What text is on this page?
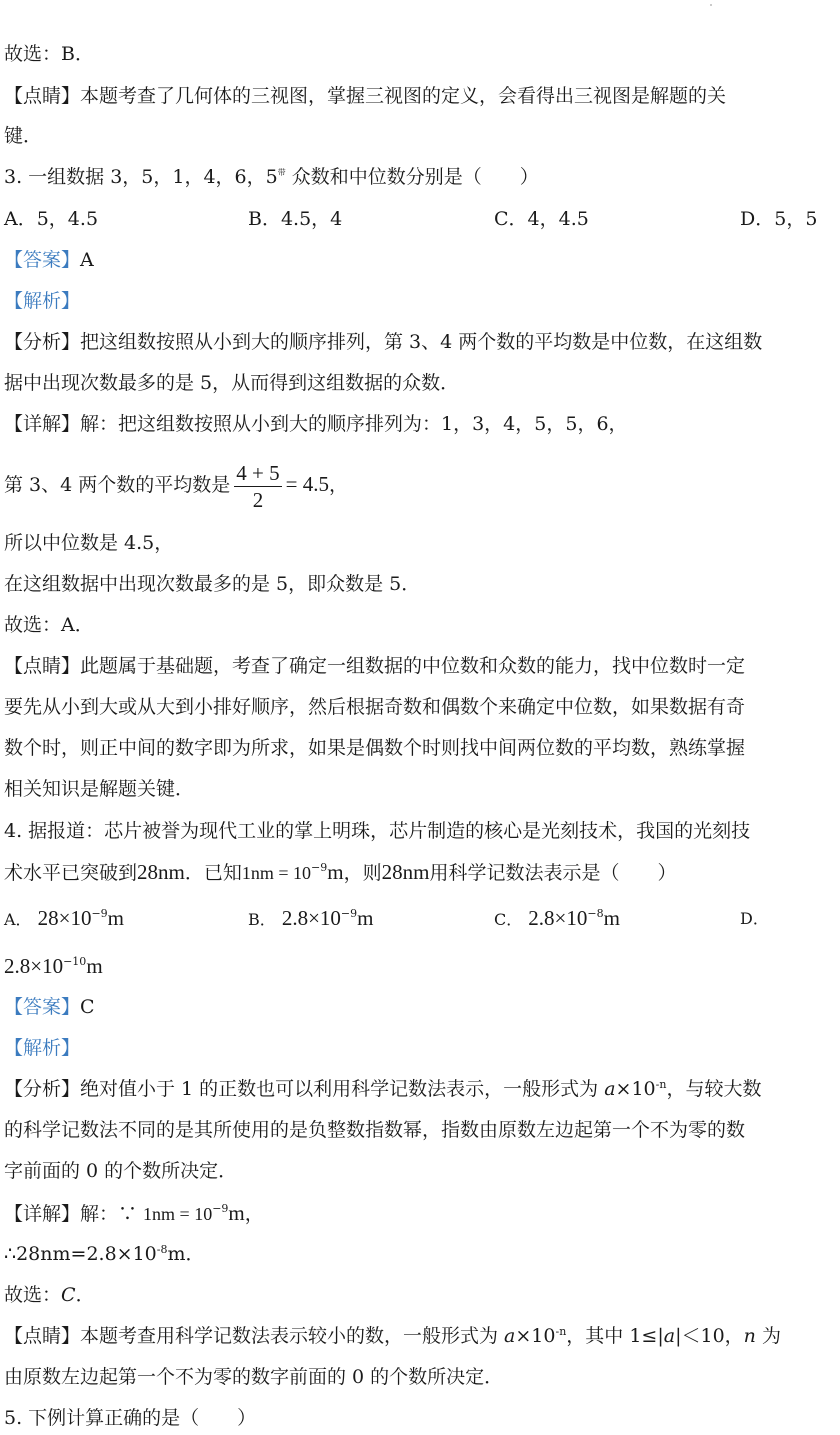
故选：B．
【点睛】本题考查了几何体的三视图，掌握三视图的定义，会看得出三视图是解题的关
键．
3. 一组数据 3，5，1，4，6，$5^带$ 众数和中位数分别是（　　）
A．5，4.5	B．4.5，4	C．4，4.5	D．5，5
【答案】A
【解析】
【分析】把这组数按照从小到大的顺序排列，第 3、4 两个数的平均数是中位数，在这组数
据中出现次数最多的是 5，从而得到这组数据的众数．
【详解】解：把这组数按照从小到大的顺序排列为：1，3，4，5，5，6，
第 3、4 两个数的平均数是 $\frac{4 + 5}{2} = 4.5$，
所以中位数是 4.5，
在这组数据中出现次数最多的是 5，即众数是 5．
故选：A．
【点睛】此题属于基础题，考查了确定一组数据的中位数和众数的能力，找中位数时一定
要先从小到大或从大到小排好顺序，然后根据奇数和偶数个来确定中位数，如果数据有奇
数个时，则正中间的数字即为所求，如果是偶数个时则找中间两位数的平均数，熟练掌握
相关知识是解题关键．
4. 据报道：芯片被誉为现代工业的掌上明珠，芯片制造的核心是光刻技术，我国的光刻技
术水平已突破到28nm．已知$1nm = 10^{-9}m$，则28nm用科学记数法表示是（　　）
A． $28\times 10^{-9}m$	B． $2.8\times 10^{-9}m$	C． $2.8\times 10^{-8}m$	D．
$2.8\times 10^{-10}m$
【答案】C
【解析】
【分析】绝对值小于 1 的正数也可以利用科学记数法表示，一般形式为 $a\times 10^{-n}$，与较大数
的科学记数法不同的是其所使用的是负整数指数幂，指数由原数左边起第一个不为零的数
字前面的 0 的个数所决定．
【详解】解：∵ $1nm = 10^{-9}m$，
$\therefore 28nm=2.8\times 10^{-8}m$．
故选：C．
【点睛】本题考查用科学记数法表示较小的数，一般形式为 $a\times 10^{-n}$，其中 1≤|a|＜10，n 为
由原数左边起第一个不为零的数字前面的 0 的个数所决定．
5. 下例计算正确的是（　　）
